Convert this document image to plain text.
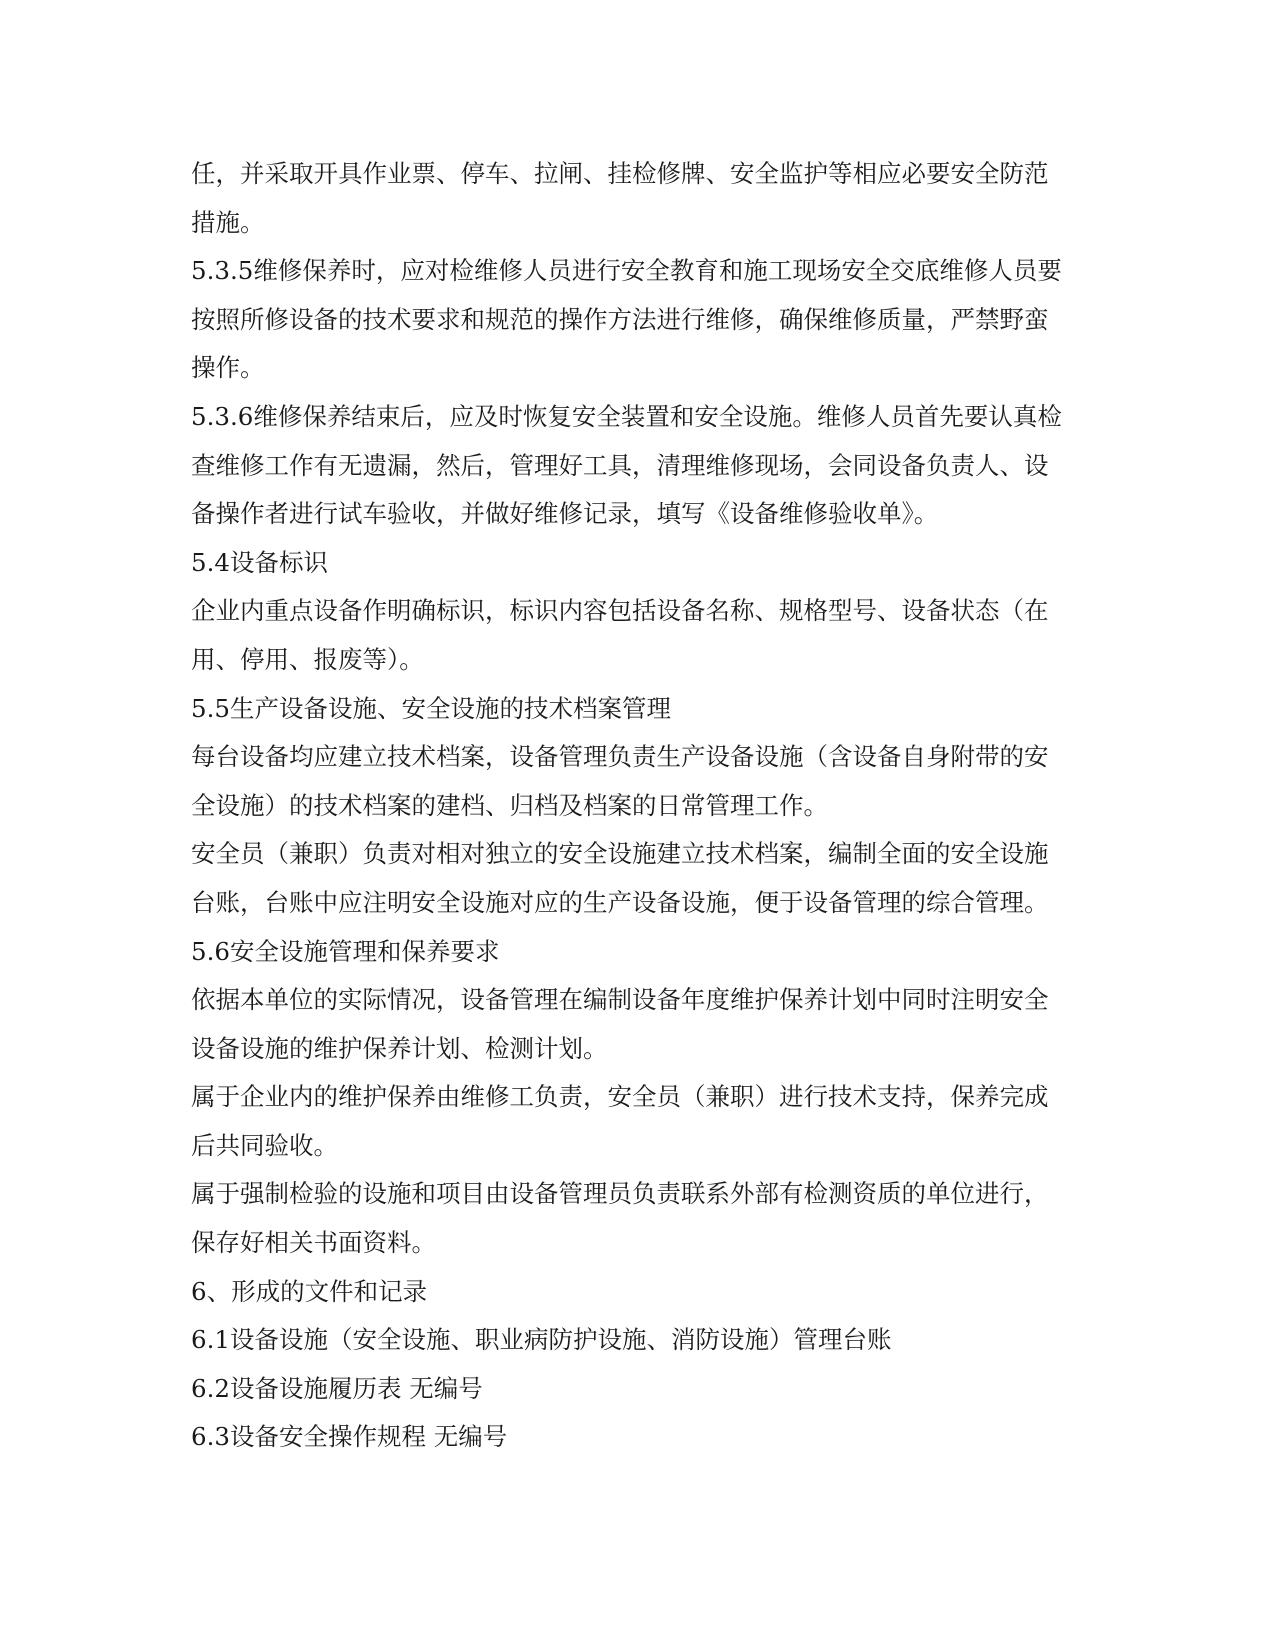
任，并采取开具作业票、停车、拉闸、挂检修牌、安全监护等相应必要安全防范
措施。
5.3.5维修保养时，应对检维修人员进行安全教育和施工现场安全交底维修人员要
按照所修设备的技术要求和规范的操作方法进行维修，确保维修质量，严禁野蛮
操作。
5.3.6维修保养结束后，应及时恢复安全装置和安全设施。维修人员首先要认真检
查维修工作有无遗漏，然后，管理好工具，清理维修现场，会同设备负责人、设
备操作者进行试车验收，并做好维修记录，填写《设备维修验收单》。
5.4设备标识
企业内重点设备作明确标识，标识内容包括设备名称、规格型号、设备状态（在
用、停用、报废等）。
5.5生产设备设施、安全设施的技术档案管理
每台设备均应建立技术档案，设备管理负责生产设备设施（含设备自身附带的安
全设施）的技术档案的建档、归档及档案的日常管理工作。
安全员（兼职）负责对相对独立的安全设施建立技术档案，编制全面的安全设施
台账，台账中应注明安全设施对应的生产设备设施，便于设备管理的综合管理。
5.6安全设施管理和保养要求
依据本单位的实际情况，设备管理在编制设备年度维护保养计划中同时注明安全
设备设施的维护保养计划、检测计划。
属于企业内的维护保养由维修工负责，安全员（兼职）进行技术支持，保养完成
后共同验收。
属于强制检验的设施和项目由设备管理员负责联系外部有检测资质的单位进行，
保存好相关书面资料。
6、形成的文件和记录
6.1设备设施（安全设施、职业病防护设施、消防设施）管理台账
6.2设备设施履历表 无编号
6.3设备安全操作规程 无编号
